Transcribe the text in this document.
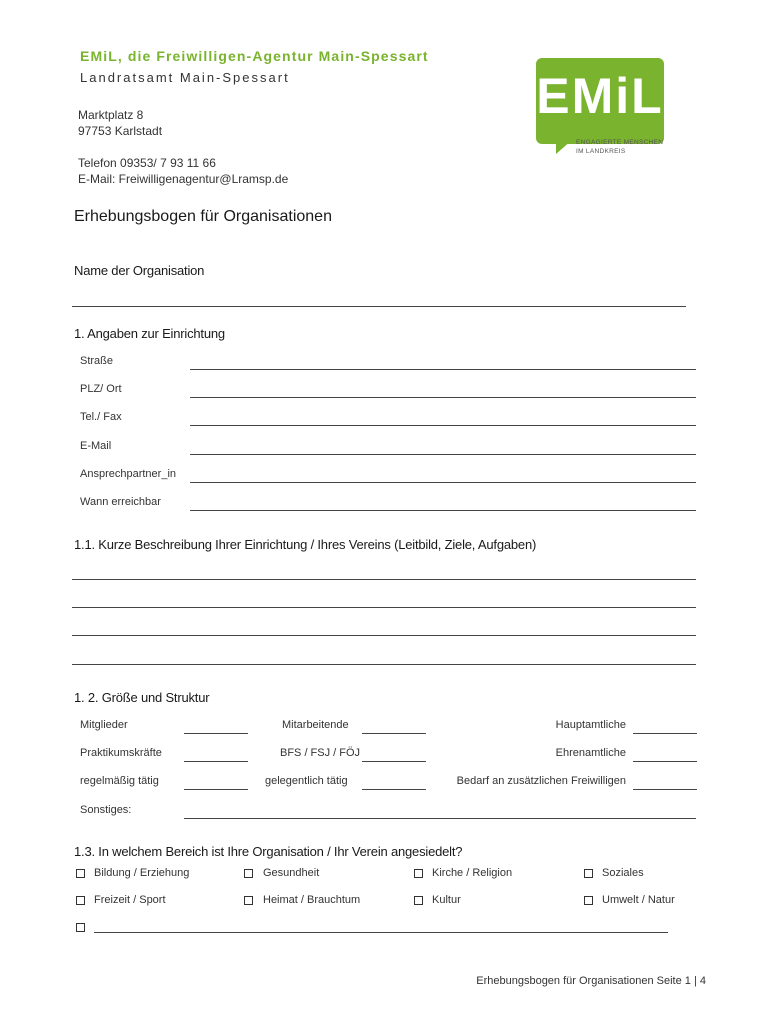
EMiL, die Freiwilligen-Agentur Main-Spessart
Landratsamt Main-Spessart
Marktplatz 8
97753 Karlstadt
Telefon 09353/ 7 93 11 66
E-Mail: Freiwilligenagentur@Lramsp.de
EMiL
ENGAGIERTE MENSCHEN
IM LANDKREIS
Erhebungsbogen für Organisationen
Name der Organisation
1. Angaben zur Einrichtung
Straße
PLZ/ Ort
Tel./ Fax
E-Mail
Ansprechpartner_in
Wann erreichbar
1.1. Kurze Beschreibung Ihrer Einrichtung / Ihres Vereins (Leitbild, Ziele, Aufgaben)
1. 2. Größe und Struktur
Mitglieder	Mitarbeitende	Hauptamtliche
Praktikumskräfte	BFS / FSJ / FÖJ	Ehrenamtliche
regelmäßig tätig	gelegentlich tätig	Bedarf an zusätzlichen Freiwilligen
Sonstiges:
1.3. In welchem Bereich ist Ihre Organisation / Ihr Verein angesiedelt?
Bildung / Erziehung	Gesundheit	Kirche / Religion	Soziales
Freizeit / Sport	Heimat / Brauchtum	Kultur	Umwelt / Natur
Erhebungsbogen für Organisationen Seite 1 | 4
